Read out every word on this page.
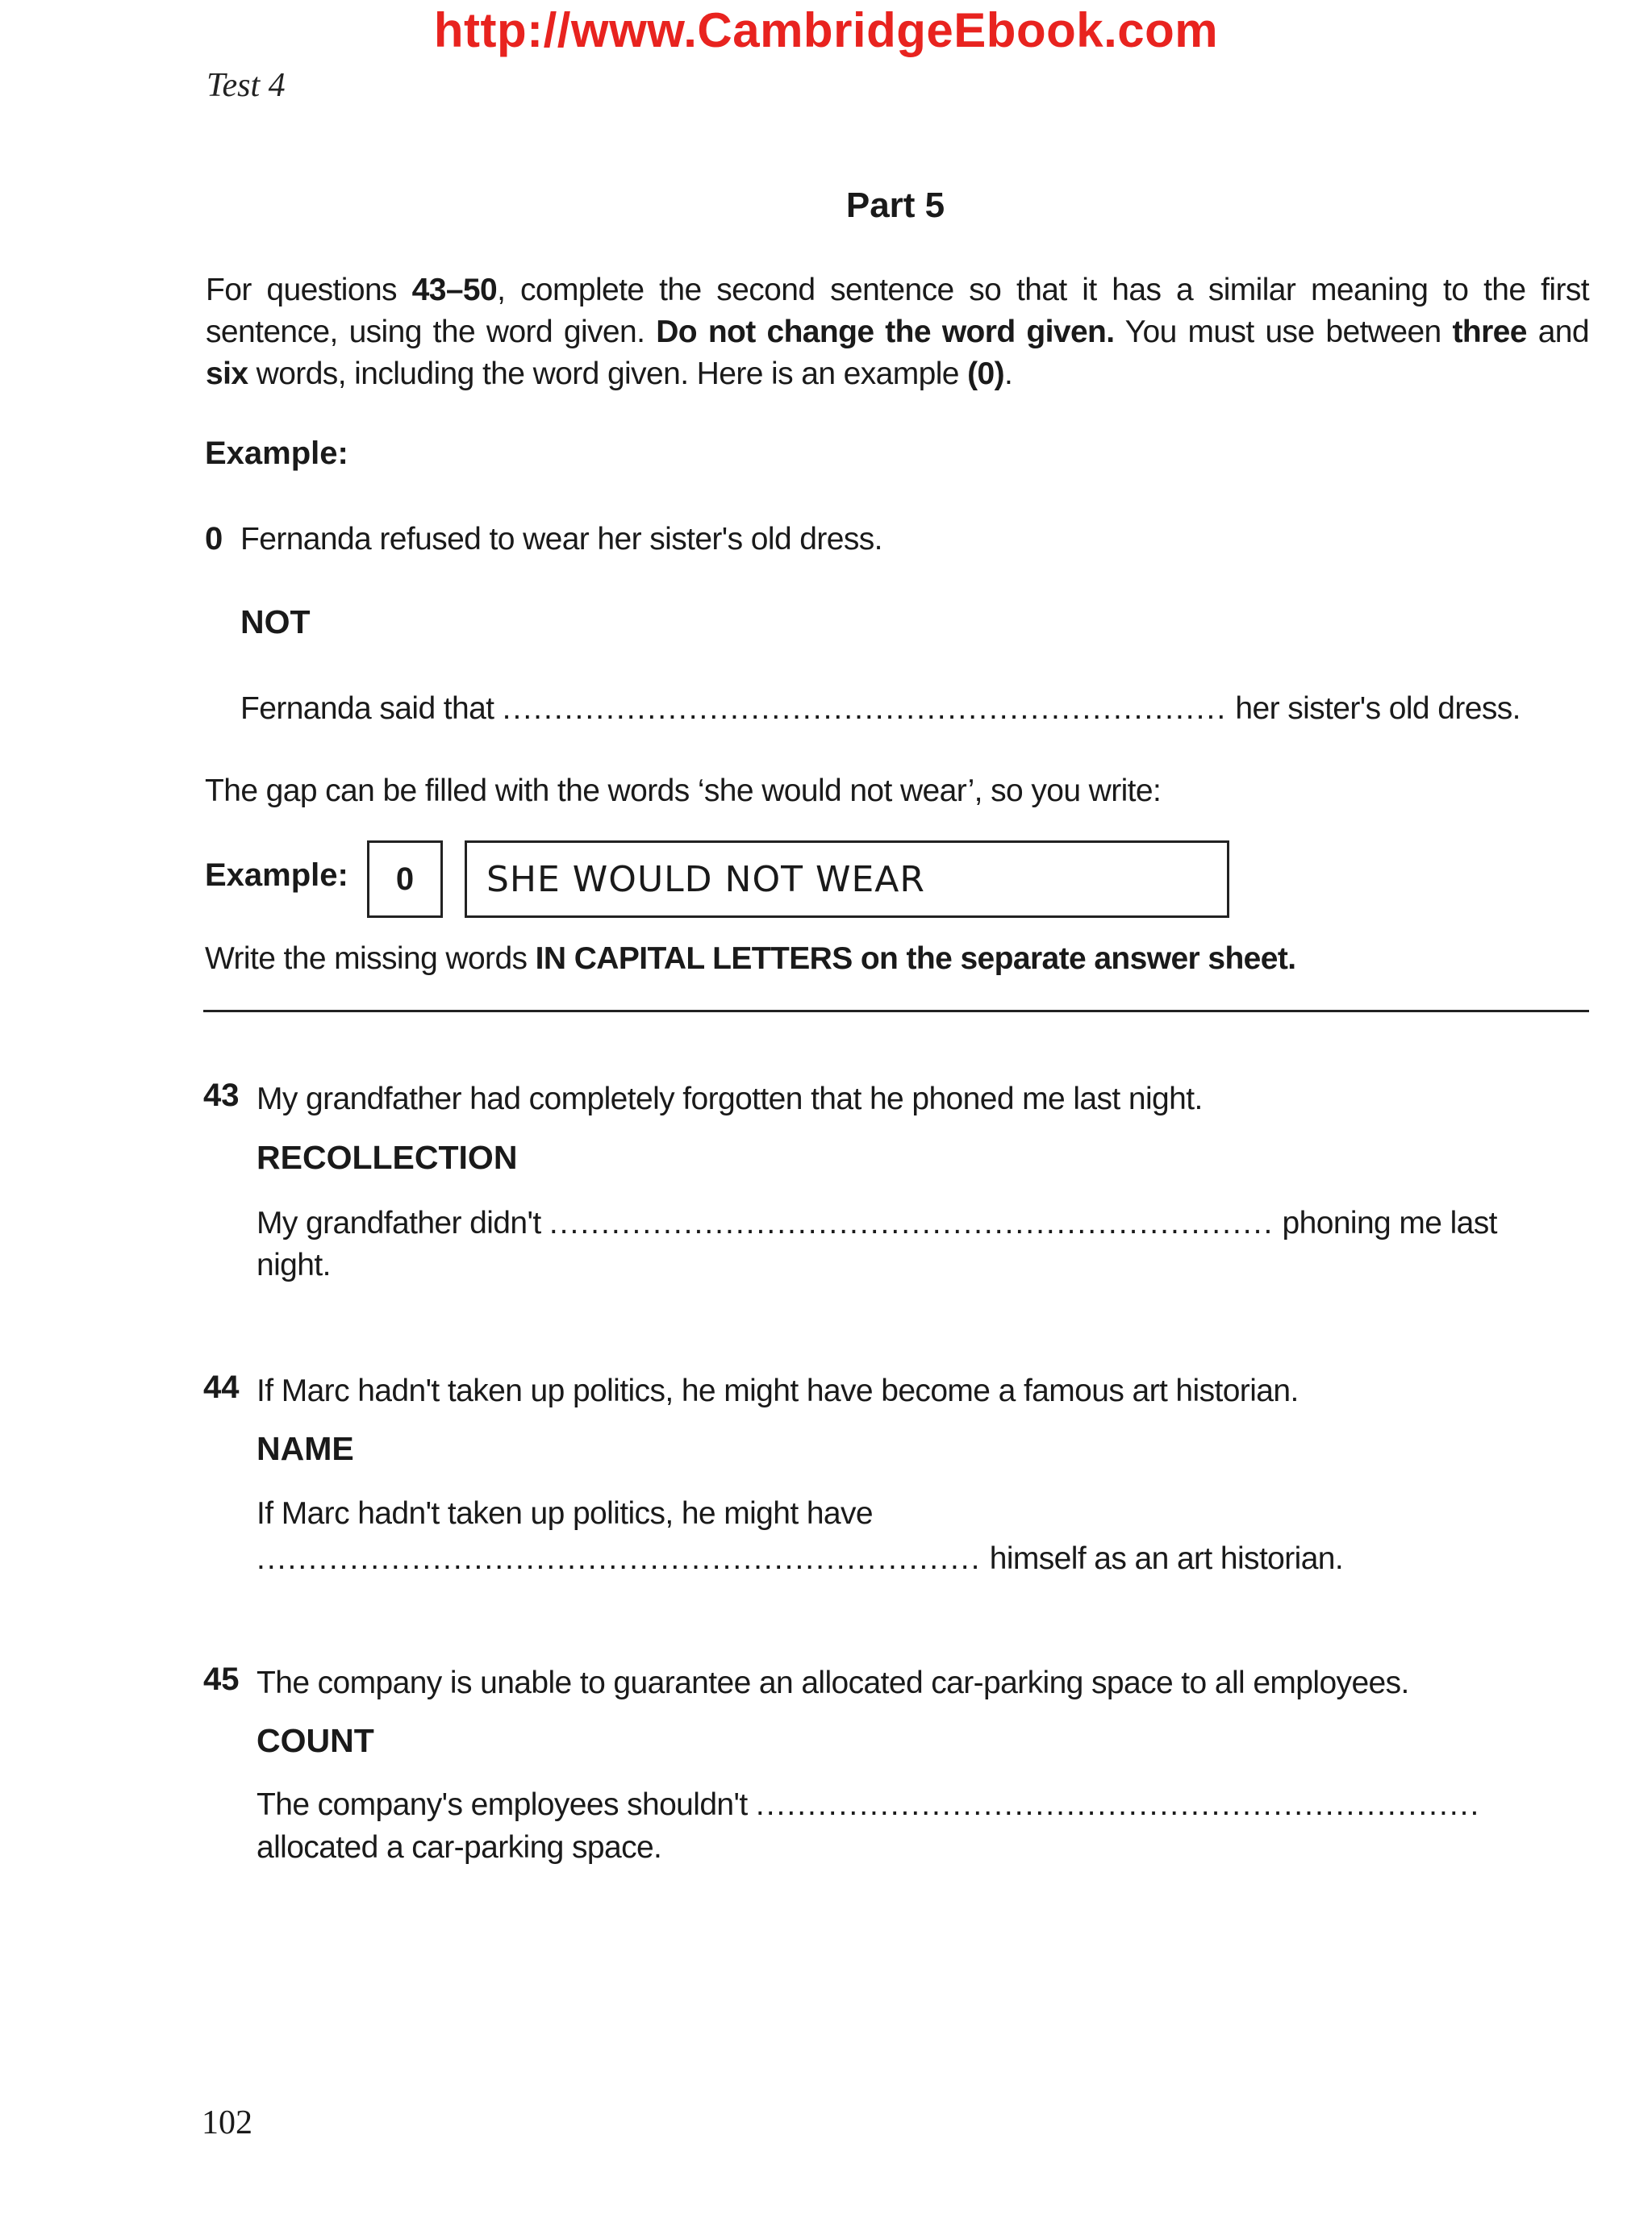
http://www.CambridgeEbook.com
Test 4
Part 5
For questions 43–50, complete the second sentence so that it has a similar meaning to the first sentence, using the word given. Do not change the word given. You must use between three and six words, including the word given. Here is an example (0).
Example:
0 Fernanda refused to wear her sister's old dress.
NOT
Fernanda said that ...................................................................... her sister's old dress.
The gap can be filled with the words ‘she would not wear’, so you write:
Example:	0	SHE WOULD NOT WEAR
Write the missing words IN CAPITAL LETTERS on the separate answer sheet.
43 My grandfather had completely forgotten that he phoned me last night.
RECOLLECTION
My grandfather didn't ...................................................................... phoning me last
night.
44 If Marc hadn't taken up politics, he might have become a famous art historian.
NAME
If Marc hadn't taken up politics, he might have
...................................................................... himself as an art historian.
45 The company is unable to guarantee an allocated car-parking space to all employees.
COUNT
The company's employees shouldn't ......................................................................
allocated a car-parking space.
102
